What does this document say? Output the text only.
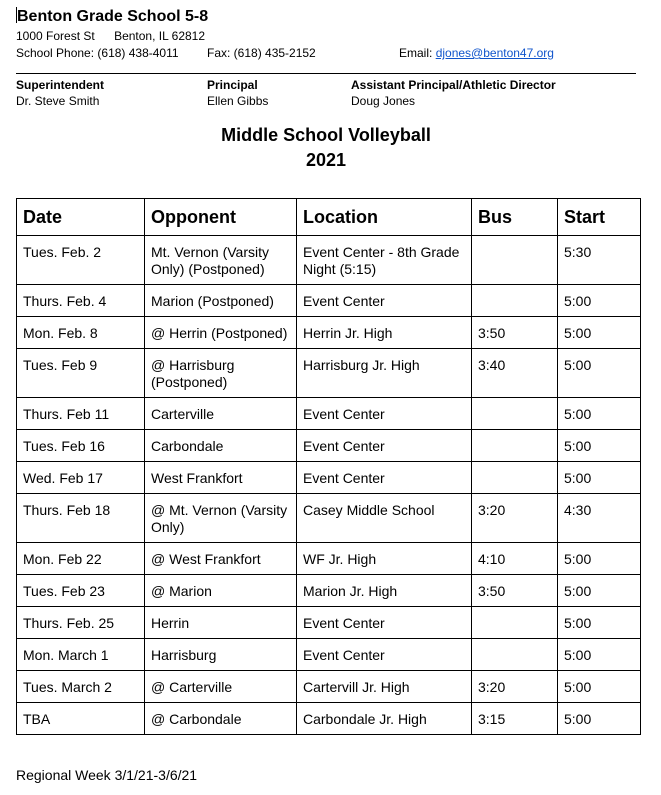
Benton Grade School 5-8
1000 Forest St Benton, IL 62812
School Phone: (618) 438-4011 Fax: (618) 435-2152	Email: djones@benton47.org
Superintendent
Dr. Steve Smith
Principal
Ellen Gibbs
Assistant Principal/Athletic Director
Doug Jones
Middle School Volleyball
2021
Date	Opponent	Location	Bus	Start
Tues. Feb. 2	Mt. Vernon (Varsity Only) (Postponed)	Event Center - 8th Grade Night (5:15)		5:30
Thurs. Feb. 4	Marion (Postponed)	Event Center		5:00
Mon. Feb. 8	@ Herrin (Postponed)	Herrin Jr. High	3:50	5:00
Tues. Feb 9	@ Harrisburg (Postponed)	Harrisburg Jr. High	3:40	5:00
Thurs. Feb 11	Carterville	Event Center		5:00
Tues. Feb 16	Carbondale	Event Center		5:00
Wed. Feb 17	West Frankfort	Event Center		5:00
Thurs. Feb 18	@ Mt. Vernon (Varsity Only)	Casey Middle School	3:20	4:30
Mon. Feb 22	@ West Frankfort	WF Jr. High	4:10	5:00
Tues. Feb 23	@ Marion	Marion Jr. High	3:50	5:00
Thurs. Feb. 25	Herrin	Event Center		5:00
Mon. March 1	Harrisburg	Event Center		5:00
Tues. March 2	@ Carterville	Cartervill Jr. High	3:20	5:00
TBA	@ Carbondale	Carbondale Jr. High	3:15	5:00
Regional Week 3/1/21-3/6/21
